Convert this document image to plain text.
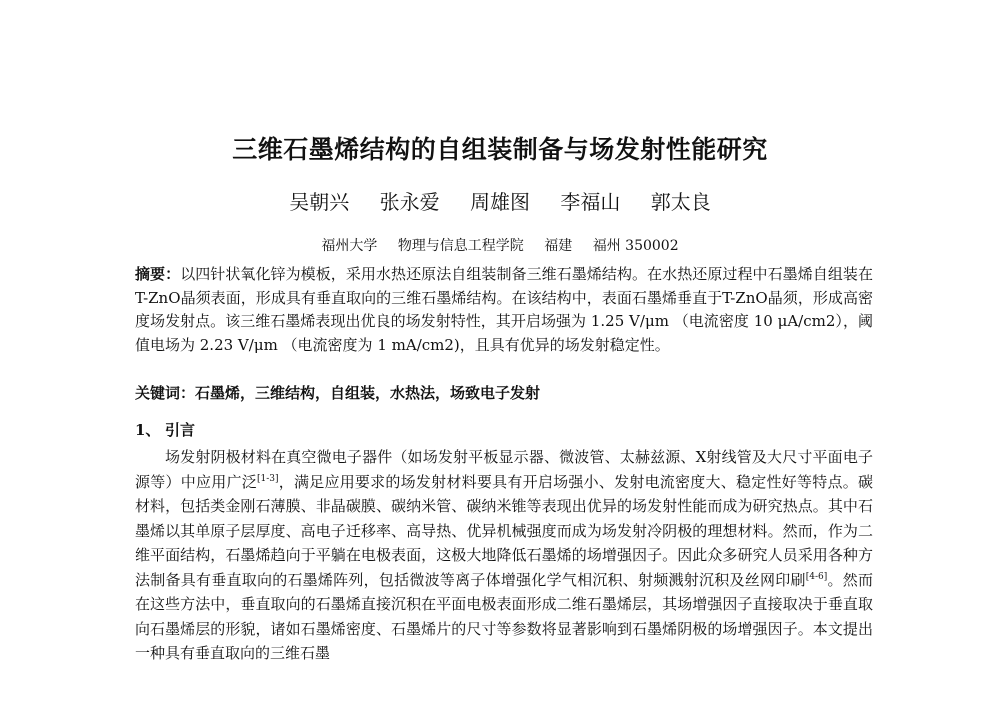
三维石墨烯结构的自组装制备与场发射性能研究
吴朝兴 张永爱 周雄图 李福山 郭太良
福州大学 物理与信息工程学院 福建 福州 350002
摘要：以四针状氧化锌为模板，采用水热还原法自组装制备三维石墨烯结构。在水热还原过程中石墨烯自组装在T-ZnO晶须表面，形成具有垂直取向的三维石墨烯结构。在该结构中，表面石墨烯垂直于T-ZnO晶须，形成高密度场发射点。该三维石墨烯表现出优良的场发射特性，其开启场强为 1.25 V/μm （电流密度 10 μA/cm2），阈值电场为 2.23 V/μm （电流密度为 1 mA/cm2)，且具有优异的场发射稳定性。
关键词：石墨烯，三维结构，自组装，水热法，场致电子发射
1、 引言
场发射阴极材料在真空微电子器件（如场发射平板显示器、微波管、太赫兹源、X射线管及大尺寸平面电子源等）中应用广泛[1-3]，满足应用要求的场发射材料要具有开启场强小、发射电流密度大、稳定性好等特点。碳材料，包括类金刚石薄膜、非晶碳膜、碳纳米管、碳纳米锥等表现出优异的场发射性能而成为研究热点。其中石墨烯以其单原子层厚度、高电子迁移率、高导热、优异机械强度而成为场发射冷阴极的理想材料。然而，作为二维平面结构，石墨烯趋向于平躺在电极表面，这极大地降低石墨烯的场增强因子。因此众多研究人员采用各种方法制备具有垂直取向的石墨烯阵列，包括微波等离子体增强化学气相沉积、射频溅射沉积及丝网印刷[4-6]。然而在这些方法中，垂直取向的石墨烯直接沉积在平面电极表面形成二维石墨烯层，其场增强因子直接取决于垂直取向石墨烯层的形貌，诸如石墨烯密度、石墨烯片的尺寸等参数将显著影响到石墨烯阴极的场增强因子。本文提出一种具有垂直取向的三维石墨
